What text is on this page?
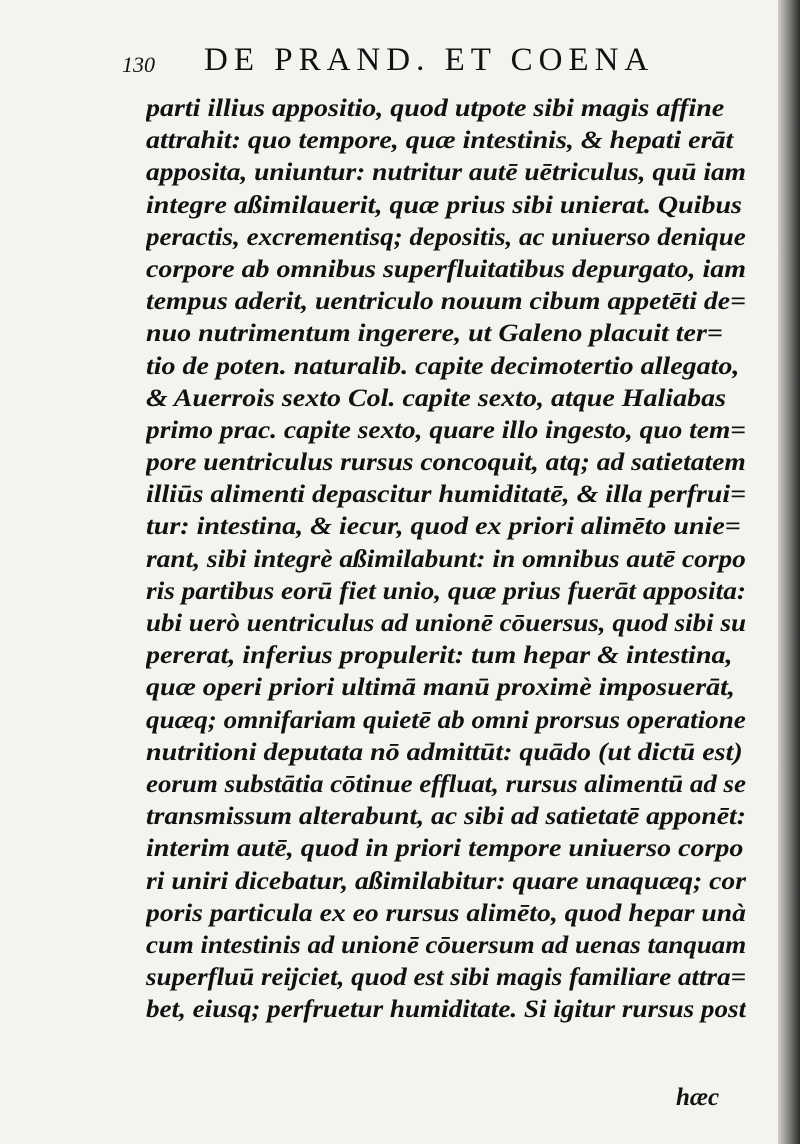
130 DE PRAND. ET COENA
parti illius appositio, quod utpote sibi magis affine
attrahit: quo tempore, quæ intestinis, & hepati erāt
apposita, uniuntur: nutritur autē uētriculus, quū iam
integre aßimilauerit, quæ prius sibi unierat. Quibus
peractis, excrementisq; depositis, ac uniuerso denique
corpore ab omnibus superfluitatibus depurgato, iam
tempus aderit, uentriculo nouum cibum appetēti de=
nuo nutrimentum ingerere, ut Galeno placuit ter=
tio de poten. naturalib. capite decimotertio allegato,
& Auerrois sexto Col. capite sexto, atque Haliabas
primo prac. capite sexto, quare illo ingesto, quo tem=
pore uentriculus rursus concoquit, atq; ad satietatem
illiūs alimenti depascitur humiditatē, & illa perfrui=
tur: intestina, & iecur, quod ex priori alimēto unie=
rant, sibi integrè aßimilabunt: in omnibus autē corpo
ris partibus eorū fiet unio, quæ prius fuerāt apposita:
ubi uerò uentriculus ad unionē cōuersus, quod sibi su
pererat, inferius propulerit: tum hepar & intestina,
quæ operi priori ultimā manū proximè imposuerāt,
quæq; omnifariam quietē ab omni prorsus operatione
nutritioni deputata nō admittūt: quādo (ut dictū est)
eorum substātia cōtinue effluat, rursus alimentū ad se
transmissum alterabunt, ac sibi ad satietatē apponēt:
interim autē, quod in priori tempore uniuerso corpo
ri uniri dicebatur, aßimilabitur: quare unaquæq; cor
poris particula ex eo rursus alimēto, quod hepar unà
cum intestinis ad unionē cōuersum ad uenas tanquam
superfluū reijciet, quod est sibi magis familiare attra=
bet, eiusq; perfruetur humiditate. Si igitur rursus post
hæc
